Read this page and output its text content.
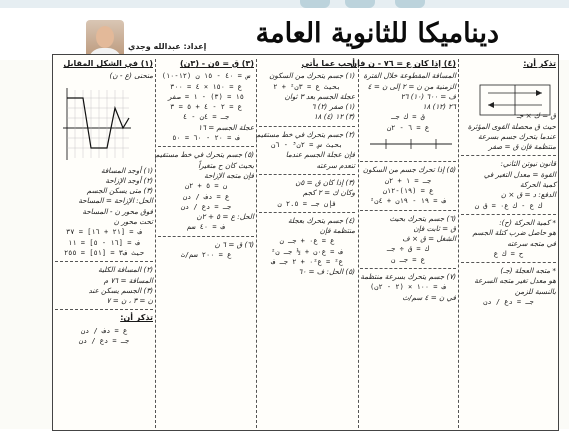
ديناميكا للثانوية العامة
إعداد: عبدالله وجدي

تذكر أن:

ق = ك × جـ

حيث ق محصلة القوى المؤثرة

عندما يتحرك جسم بسرعة

منتظمة فإن ق = صفر

قانون نيوتن الثاني:

القوة = معدل التغير في

كمية الحركة

الدفع: د = ق × ن

ك ع - ك ع٠ = ق ن

* كمية الحركة (ح):

هو حاصل ضرب كتلة الجسم

في متجه سرعته

ح = ك ع

* متجه العجلة (جـ)

هو معدل تغير متجه السرعة

بالنسبة للزمن

جـ = دع / دن

(٤) إذا كان ع = ٧٦ - ن فإن

المسافة المقطوعة خلال الفترة

الزمنية من ن = ٢ إلى ن = ٤

ف = ٦٠٠ (١٠) ٢٦

٢٦ (١٢) ١٨

ق = ك جـ

ع = ٦ - ٢ن

(٥) إذا تحرك جسم من السكون

جـ = ١ + ٢ن

ع = (١٩)-١٢ن

ف = ١٩ - ١٩ن + ٤ن²

(٦) جسم يتحرك بحيث

ق = ثابت فإن

الشغل = ق × ف

ك = ق ÷ جـ

ع = جـ ن

(٧) جسم يتحرك بسرعة منتظمة

ف = ١٠٠ × (٢ - ٢ن)

في ن = ٤ سم/ث

أجب عما يأتي

(١) جسم يتحرك من السكون

بحيث ع = ٣ن² + ٢

عجلة الجسم بعد ٣ ثوان

(١) صفر (٢) ٦

(٣) ١٢ (٤) ١٨

(٢) جسم يتحرك في خط مستقيم

بحيث س = ٢ن³ - ٦ن

فإن عجلة الجسم عندما

تنعدم سرعته

(٣) إذا كان ق = ٥ن

وكان ك = ٢ كجم

فإن جـ = ٢.٥ ن

(٤) جسم يتحرك بعجلة

منتظمة فإن

ع = ع٠ + جـ ن

ف = ع٠ن + ½ جـ ن²

ع² = ع٠² + ٢ جـ ف

(٥) الحل: ف = ٦٠

(٣) ق = ٥ن - (٣ن)

س = ٤٠ - ١٥ ن (١٢-١٠)

ع = ١٥٠ × ٤ = ٣٠٠

١٥ = (٣) - ١ = صفر

ع = ٢ - ٤ + ٥ = ٣

جـ = ٤ن - ٤

عجلة الجسم = ١٦

ف = ٢٠ - ٦٠ = ٥٠

(٥) جسم يتحرك في خط مستقيم

بحيث كان ح متغيراً

فإن متجه الإزاحة

ن = ٥ + ٢ن

ع = دف / دن

جـ = دع / دن

الحل: ع = ٥ + ٢ن

ف = ٤٠ سم

(٦) ق = ٦ ن

ع = ٢٠٠ سم/ث

(١) في الشكل المقابل

منحنى (ع - ن)

(١) أوجد المسافة

(٢) أوجد الإزاحة

(٣) متى يسكن الجسم

الحل: الإزاحة = المساحة

فوق محور ن - المساحة

تحت محور ن

ف = [٢١ + ١٦] = ٣٧

ف = [١٦ - ٥] = ١١

حيث ف٣ = [٥١] = ٢٥٥

(٢) المسافة الكلية

المسافة = ٧٦ م

(٣) الجسم يسكن عند

ن = ٣ ، ن = ٧

تذكر أن:

ع = دف / دن

جـ = دع / دن
